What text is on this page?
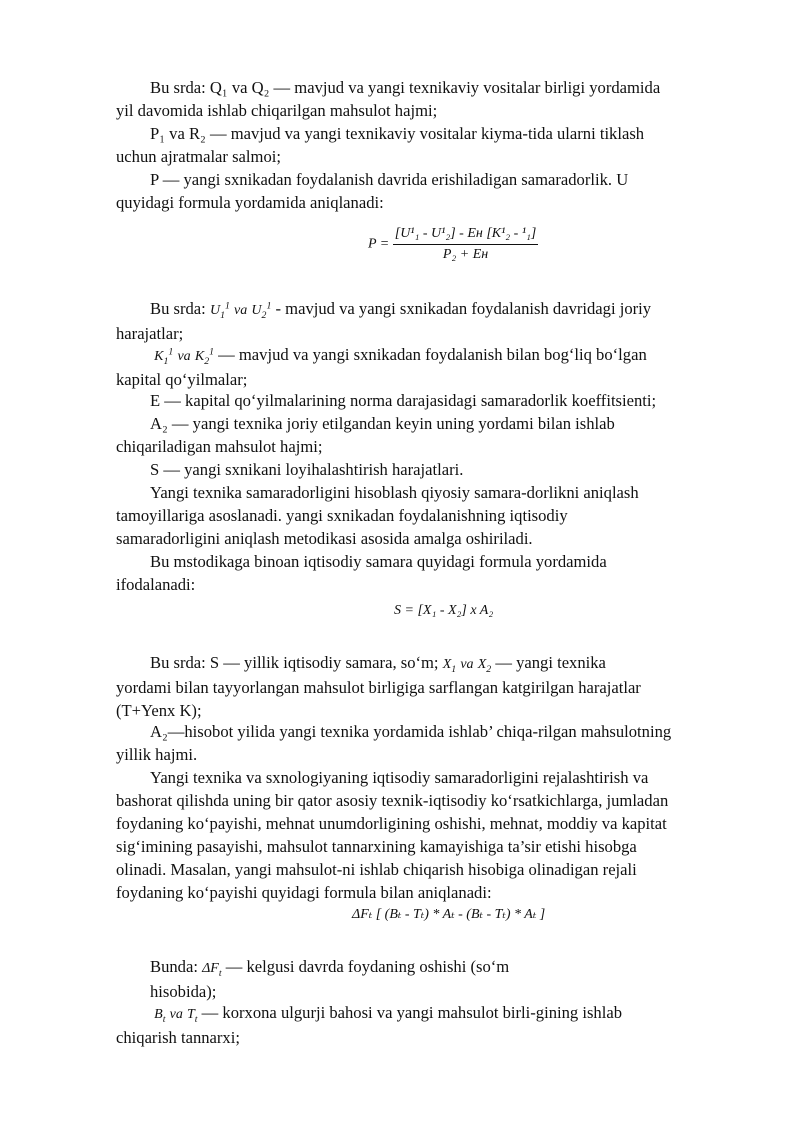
Bu srda: Q₁ va Q₂ — mavjud va yangi texnikaviy vositalar birligi yordamida
yil davomida ishlab chiqarilgan mahsulot hajmi;

P₁ va R₂ — mavjud va yangi texnikaviy vositalar kiyma-tida ularni tiklash
uchun ajratmalar salmoi;

P — yangi sxnikadan foydalanish davrida erishiladigan samaradorlik. U
quyidagi formula yordamida aniqlanadi:

$P = \frac{\text{[U¹₁ - U¹₂] - Eн [K¹₂ - ¹₁]}}{\text{P₂ + Eн}}$

Bu srda: $U_1^1$ va $U_2^1$ - mavjud va yangi sxnikadan foydalanish davridagi joriy
harajatlar;

$K_1^1$ va $K_2^1$ — mavjud va yangi sxnikadan foydalanish bilan bog‘liq bo‘lgan
kapital qo‘yilmalar;

E — kapital qo‘yilmalarining norma darajasidagi samaradorlik koeffitsienti;

A₂ — yangi texnika joriy etilgandan keyin uning yordami bilan ishlab
chiqariladigan mahsulot hajmi;

S — yangi sxnikani loyihalashtirish harajatlari.

Yangi texnika samaradorligini hisoblash qiyosiy samara-dorlikni aniqlash
tamoyillariga asoslanadi. yangi sxnikadan foydalanishning iqtisodiy
samaradorligini aniqlash metodikasi asosida amalga oshiriladi.

Bu mstodikaga binoan iqtisodiy samara quyidagi formula yordamida
ifodalanadi:

S = [X₁ - X₂] x A₂

Bu srda: S — yillik iqtisodiy samara, so‘m; $X_1$ va $X_2$ — yangi texnika
yordami bilan tayyorlangan mahsulot birligiga sarflangan katgirilgan harajatlar
(T+Yenx K);

A₂—hisobot yilida yangi texnika yordamida ishlab’ chiqa-rilgan mahsulotning
yillik hajmi.

Yangi texnika va sxnologiyaning iqtisodiy samaradorligini rejalashtirish va
bashorat qilishda uning bir qator asosiy texnik-iqtisodiy ko‘rsatkichlarga, jumladan
foydaning ko‘payishi, mehnat unumdorligining oshishi, mehnat, moddiy va kapitat
sig‘imining pasayishi, mahsulot tannarxining kamayishiga ta’sir etishi hisobga
olinadi. Masalan, yangi mahsulot-ni ishlab chiqarish hisobiga olinadigan rejali
foydaning ko‘payishi quyidagi formula bilan aniqlanadi:

ΔFₜ [ (Bₜ - Tₜ) * Aₜ - (Bₜ - Tₜ) * Aₜ ]

Bunda: $\Delta F_t$ — kelgusi davrda foydaning oshishi (so‘m
hisobida);

$B_t$ va $T_t$ — korxona ulgurji bahosi va yangi mahsulot birli-gining ishlab
chiqarish tannarxi;
